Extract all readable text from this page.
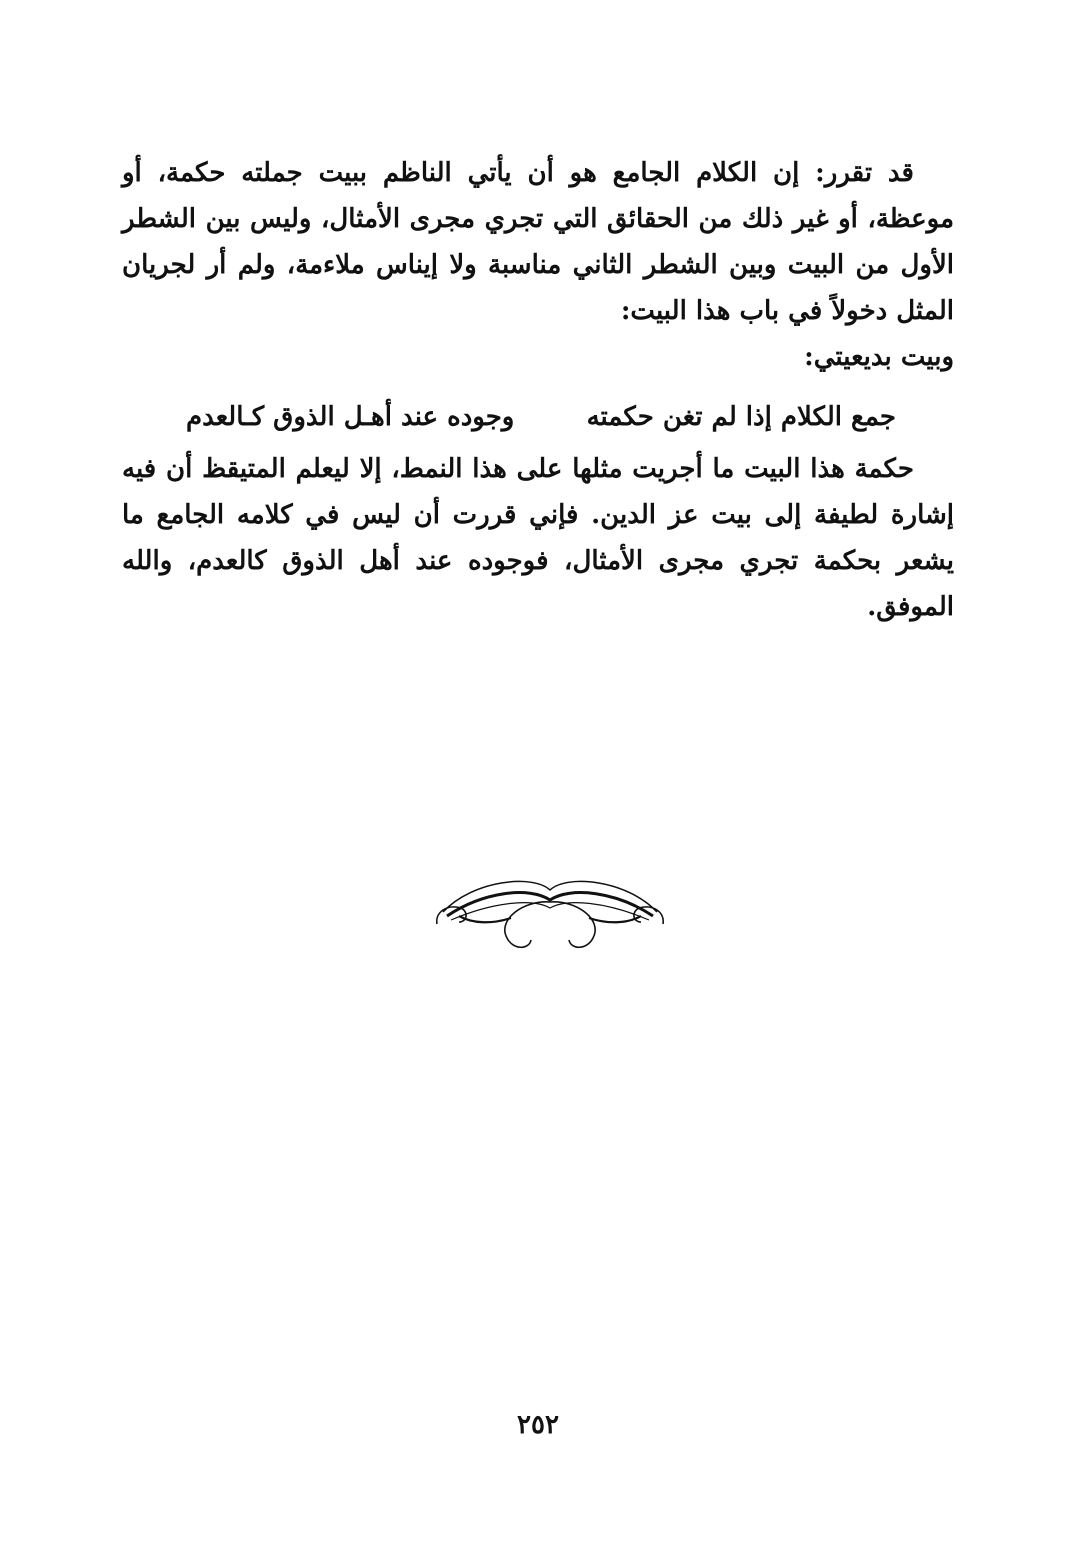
قد تقرر: إن الكلام الجامع هو أن يأتي الناظم ببيت جملته حكمة، أو موعظة، أو غير ذلك من الحقائق التي تجري مجرى الأمثال، وليس بين الشطر الأول من البيت وبين الشطر الثاني مناسبة ولا إيناس ملاءمة، ولم أر لجريان المثل دخولاً في باب هذا البيت:

وبيت بديعيتي:

جمع الكلام إذا لم تغن حكمته
وجوده عند أهـل الذوق كـالعدم

حكمة هذا البيت ما أجريت مثلها على هذا النمط، إلا ليعلم المتيقظ أن فيه إشارة لطيفة إلى بيت عز الدين. فإني قررت أن ليس في كلامه الجامع ما يشعر بحكمة تجري مجرى الأمثال، فوجوده عند أهل الذوق كالعدم، والله الموفق.

٢٥٢
